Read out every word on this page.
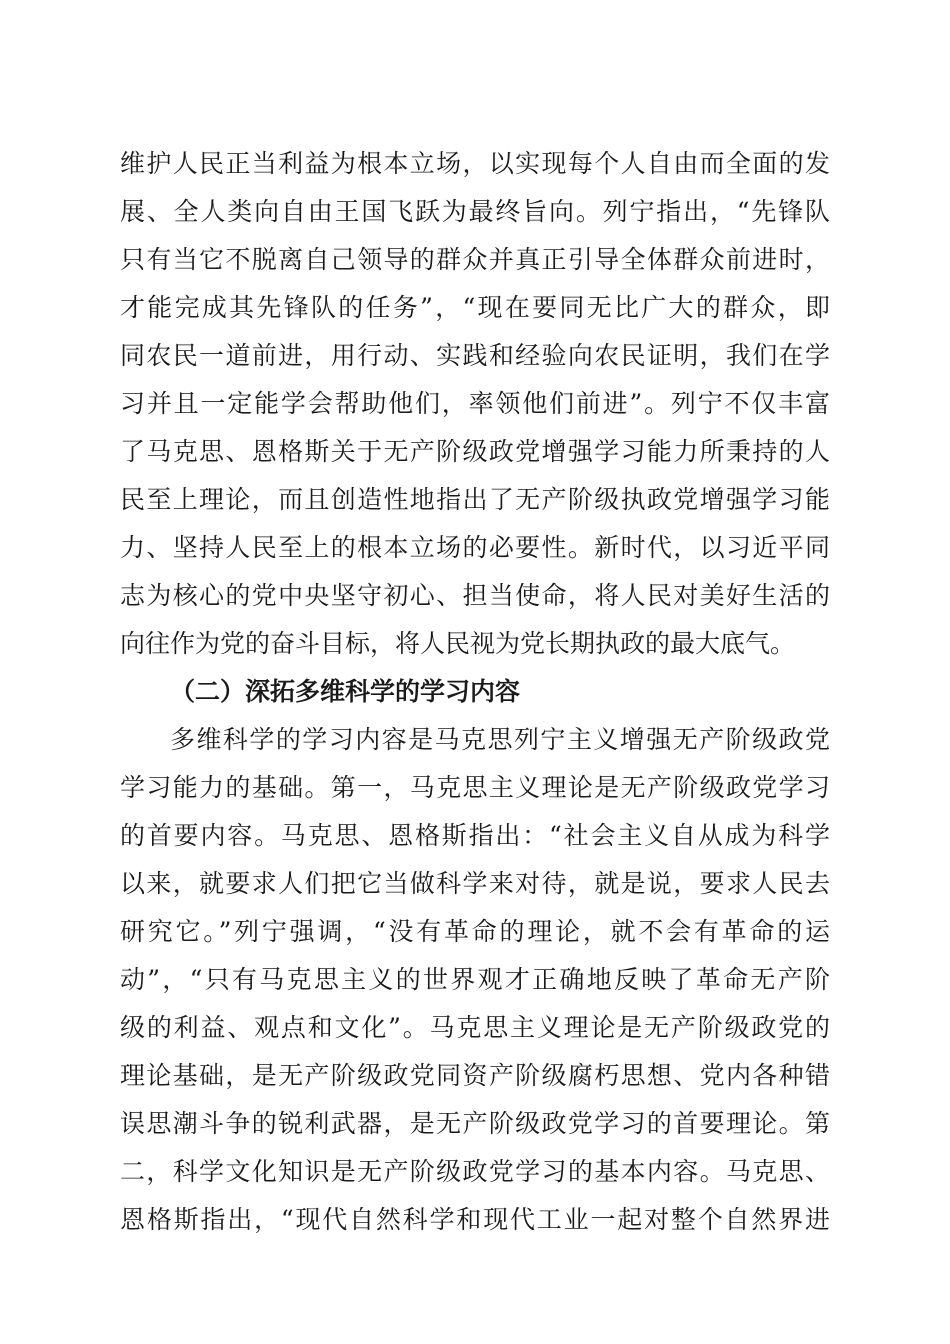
维护人民正当利益为根本立场，以实现每个人自由而全面的发
展、全人类向自由王国飞跃为最终旨向。列宁指出，“先锋队
只有当它不脱离自己领导的群众并真正引导全体群众前进时，
才能完成其先锋队的任务”，“现在要同无比广大的群众，即
同农民一道前进，用行动、实践和经验向农民证明，我们在学
习并且一定能学会帮助他们，率领他们前进”。列宁不仅丰富
了马克思、恩格斯关于无产阶级政党增强学习能力所秉持的人
民至上理论，而且创造性地指出了无产阶级执政党增强学习能
力、坚持人民至上的根本立场的必要性。新时代，以习近平同
志为核心的党中央坚守初心、担当使命，将人民对美好生活的
向往作为党的奋斗目标，将人民视为党长期执政的最大底气。
（二）深拓多维科学的学习内容
多维科学的学习内容是马克思列宁主义增强无产阶级政党
学习能力的基础。第一，马克思主义理论是无产阶级政党学习
的首要内容。马克思、恩格斯指出：“社会主义自从成为科学
以来，就要求人们把它当做科学来对待，就是说，要求人民去
研究它。”列宁强调，“没有革命的理论，就不会有革命的运
动”，“只有马克思主义的世界观才正确地反映了革命无产阶
级的利益、观点和文化”。马克思主义理论是无产阶级政党的
理论基础，是无产阶级政党同资产阶级腐朽思想、党内各种错
误思潮斗争的锐利武器，是无产阶级政党学习的首要理论。第
二，科学文化知识是无产阶级政党学习的基本内容。马克思、
恩格斯指出，“现代自然科学和现代工业一起对整个自然界进
